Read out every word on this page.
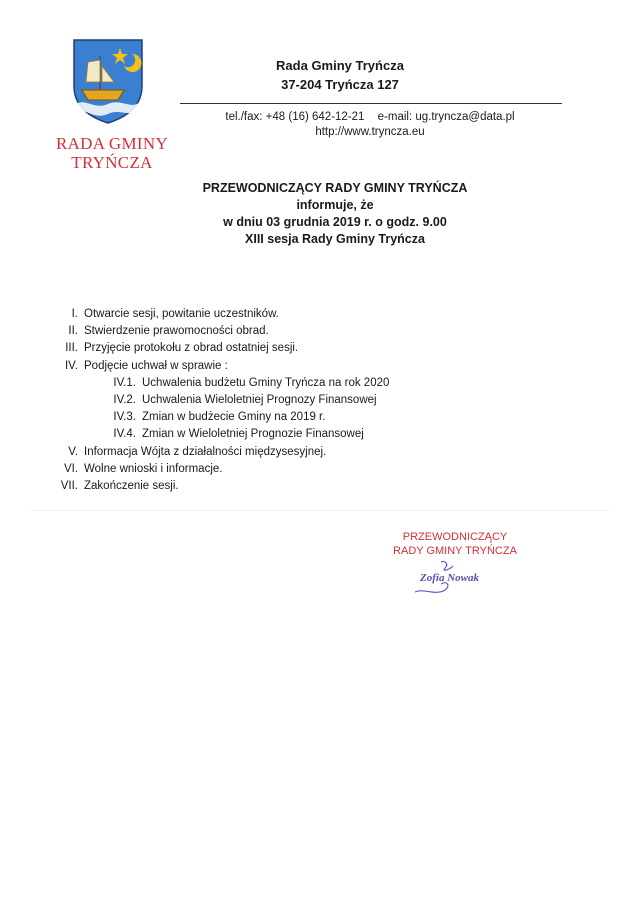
RADA GMINY
TRYŃCZA
Rada Gminy Tryńcza
37-204 Tryńcza 127
tel./fax: +48 (16) 642-12-21 e-mail: ug.tryncza@data.pl
http://www.tryncza.eu
PRZEWODNICZĄCY RADY GMINY TRYŃCZA
informuje, że
w dniu 03 grudnia 2019 r. o godz. 9.00
XIII sesja Rady Gminy Tryńcza
I. Otwarcie sesji, powitanie uczestników.
II. Stwierdzenie prawomocności obrad.
III. Przyjęcie protokołu z obrad ostatniej sesji.
IV. Podjęcie uchwał w sprawie :
IV.1. Uchwalenia budżetu Gminy Tryńcza na rok 2020
IV.2. Uchwalenia Wieloletniej Prognozy Finansowej
IV.3. Zmian w budżecie Gminy na 2019 r.
IV.4. Zmian w Wieloletniej Prognozie Finansowej
V. Informacja Wójta z działalności międzysesyjnej.
VI. Wolne wnioski i informacje.
VII. Zakończenie sesji.
PRZEWODNICZĄCY
RADY GMINY TRYŃCZA
Zofia Nowak
